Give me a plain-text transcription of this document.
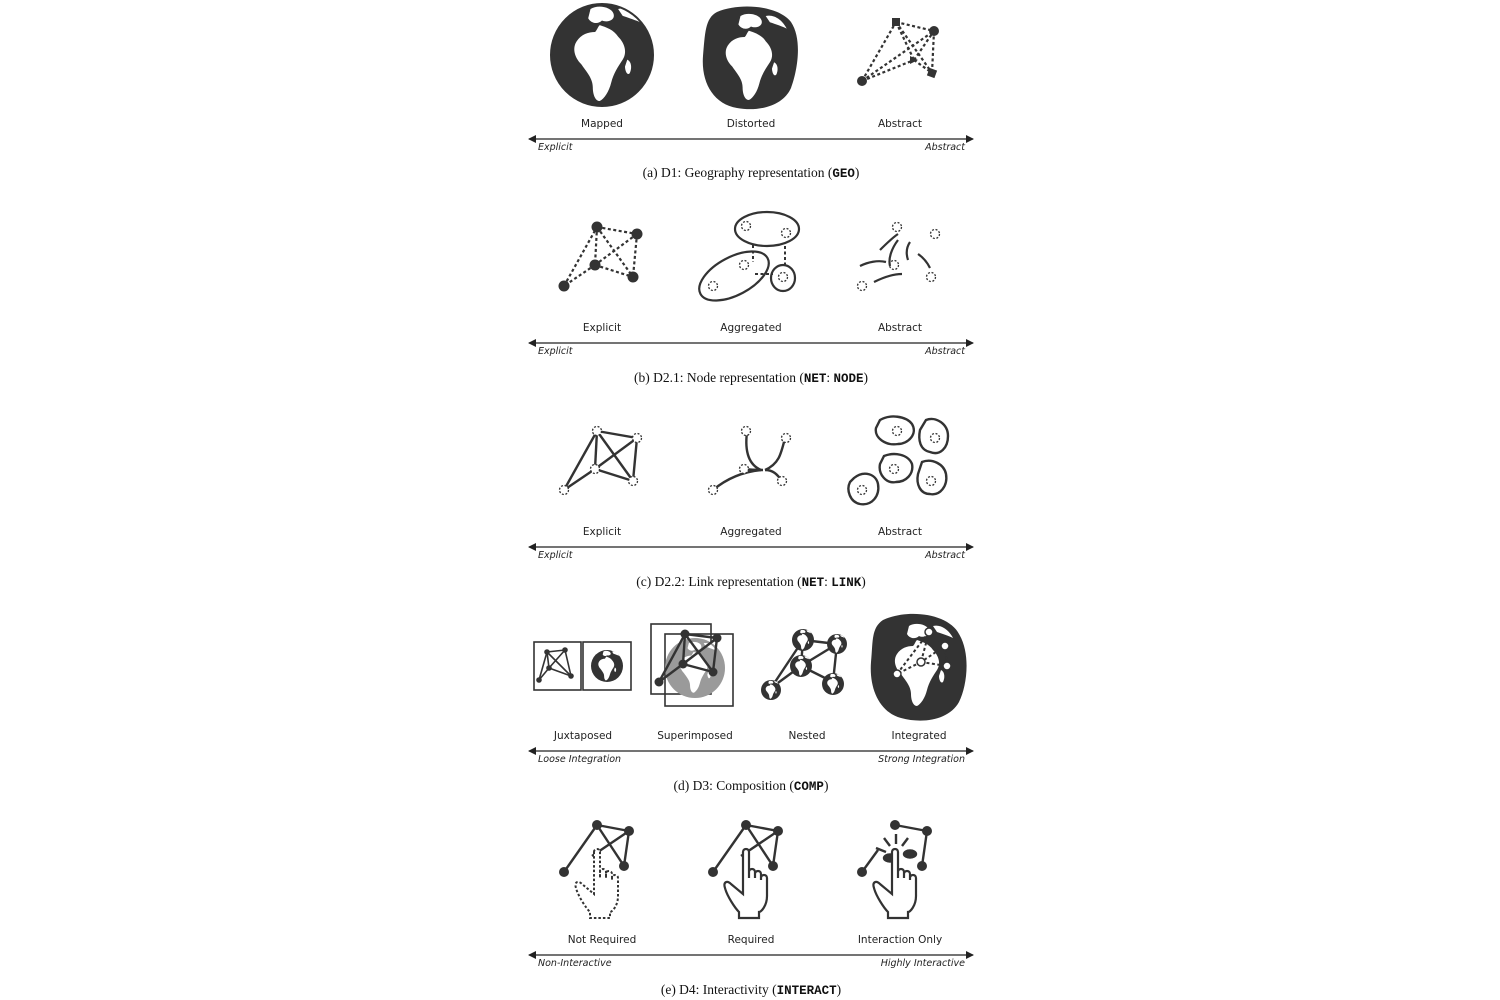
Mapped	Distorted	Abstract
Explicit	Abstract
(a) D1: Geography representation (GEO)
Explicit	Aggregated	Abstract
Explicit	Abstract
(b) D2.1: Node representation (NET: NODE)
Explicit	Aggregated	Abstract
Explicit	Abstract
(c) D2.2: Link representation (NET: LINK)
Juxtaposed	Superimposed	Nested	Integrated
Loose Integration	Strong Integration
(d) D3: Composition (COMP)
Not Required	Required	Interaction Only
Non-Interactive	Highly Interactive
(e) D4: Interactivity (INTERACT)
